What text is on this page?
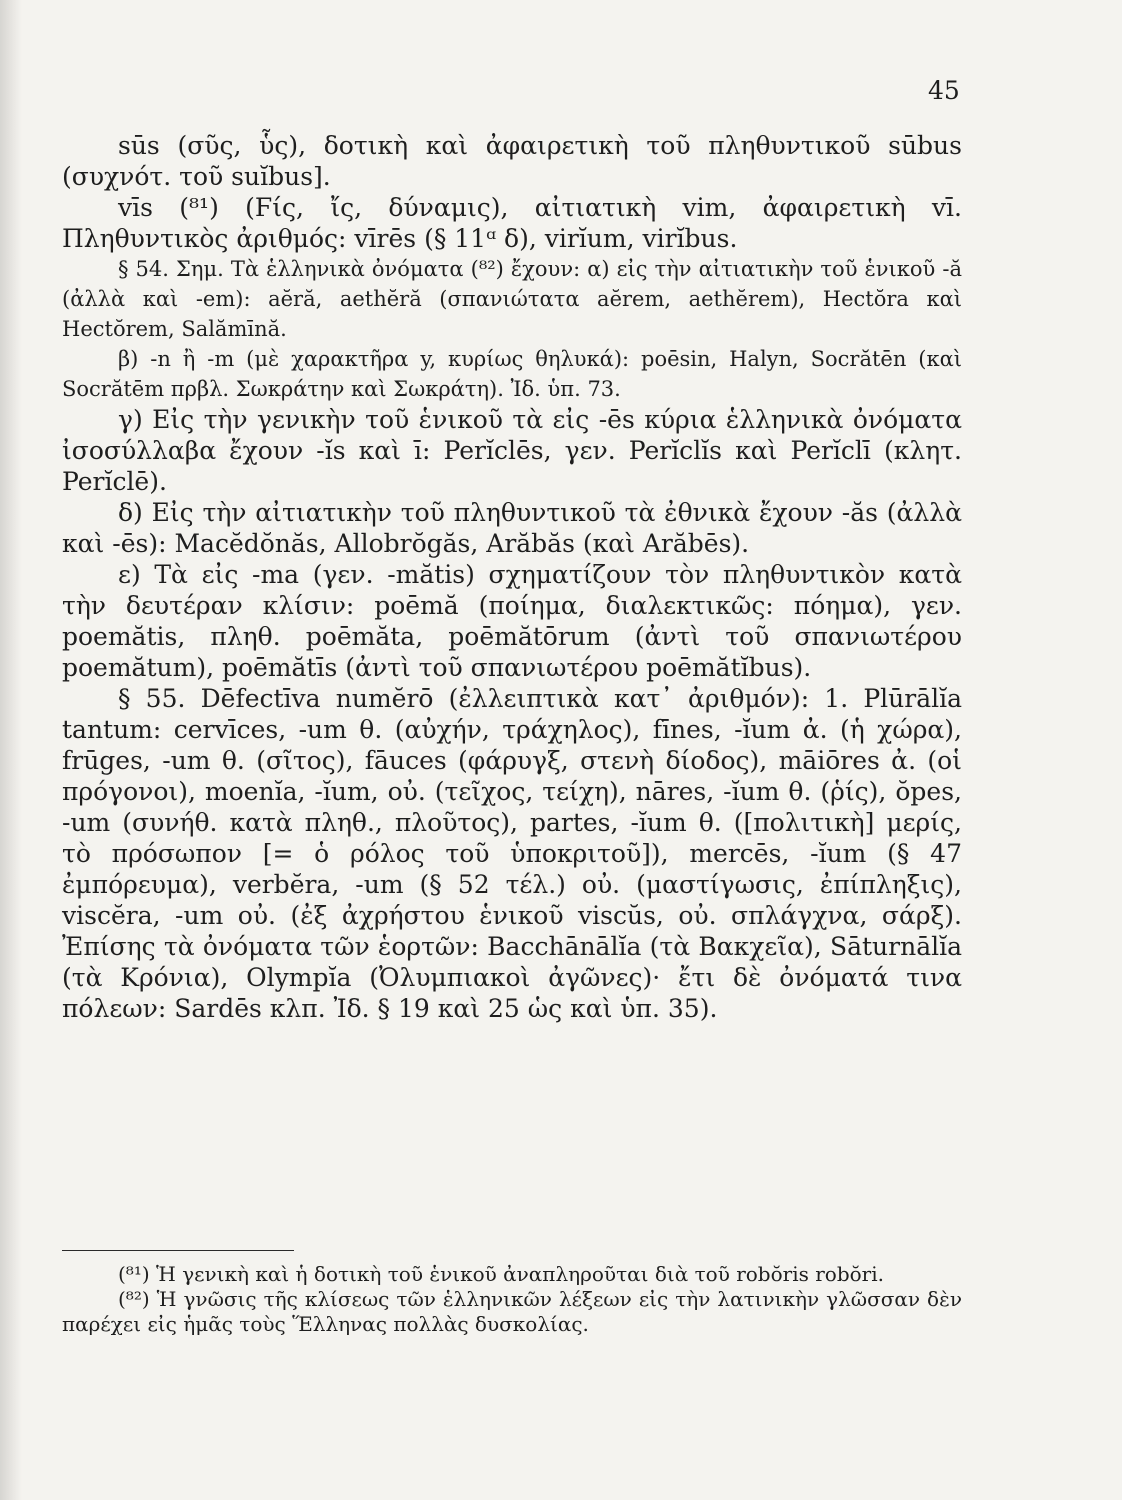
45

sūs (σῦς, ὗς), δοτικὴ καὶ ἀφαιρετικὴ τοῦ πληθυντικοῦ sūbus (συχνότ. τοῦ suĭbus].

vīs (⁸¹) (Ϝίς, ἴς, δύναμις), αἰτιατικὴ vim, ἀφαιρετικὴ vī. Πληθυντικὸς ἀριθμός: vīrēs (§ 11ᵅ δ), virĭum, virĭbus.

§ 54. Σημ. Τὰ ἑλληνικὰ ὀνόματα (⁸²) ἔχουν: α) εἰς τὴν αἰτιατικὴν τοῦ ἑνικοῦ -ă (ἀλλὰ καὶ -em): aĕră, aethĕră (σπανιώτατα aĕrem, aethĕrem), Hectŏra καὶ Hectŏrem, Salămīnă.

β) -n ἢ -m (μὲ χαρακτῆρα y, κυρίως θηλυκά): poēsin, Halyn, Socrătēn (καὶ Socrătēm πρβλ. Σωκράτην καὶ Σωκράτη). Ἰδ. ὑπ. 73.

γ) Εἰς τὴν γενικὴν τοῦ ἑνικοῦ τὰ εἰς -ēs κύρια ἑλληνικὰ ὀνόματα ἰσοσύλλαβα ἔχουν -ĭs καὶ ī: Perĭclēs, γεν. Perĭclĭs καὶ Perĭclī (κλητ. Perĭclē).

δ) Εἰς τὴν αἰτιατικὴν τοῦ πληθυντικοῦ τὰ ἐθνικὰ ἔχουν -ăs (ἀλλὰ καὶ -ēs): Macĕdŏnăs, Allobrŏgăs, Arăbăs (καὶ Arăbēs).

ε) Τὰ εἰς -ma (γεν. -mătis) σχηματίζουν τὸν πληθυντικὸν κατὰ τὴν δευτέραν κλίσιν: poēmă (ποίημα, διαλεκτικῶς: πόημα), γεν. poemătis, πληθ. poēmăta, poēmătōrum (ἀντὶ τοῦ σπανιωτέρου poemătum), poēmătīs (ἀντὶ τοῦ σπανιωτέρου poēmătĭbus).

§ 55. Dēfectīva numĕrō (ἐλλειπτικὰ κατ᾽ ἀριθμόν): 1. Plūrālĭa tantum: cervīces, -um θ. (αὐχήν, τράχηλος), fīnes, -ĭum ἀ. (ἡ χώρα), frūges, -um θ. (σῖτος), fāuces (φάρυγξ, στενὴ δίοδος), māiōres ἀ. (οἱ πρόγονοι), moenĭa, -ĭum, οὐ. (τεῖχος, τείχη), nāres, -ĭum θ. (ῥίς), ŏpes, -um (συνήθ. κατὰ πληθ., πλοῦτος), partes, -ĭum θ. ([πολιτικὴ] μερίς, τὸ πρόσωπον [= ὁ ρόλος τοῦ ὑποκριτοῦ]), mercēs, -ĭum (§ 47 ἐμπόρευμα), verbĕra, -um (§ 52 τέλ.) οὐ. (μαστίγωσις, ἐπίπληξις), viscĕra, -um οὐ. (ἐξ ἀχρήστου ἑνικοῦ viscŭs, οὐ. σπλάγχνα, σάρξ). Ἐπίσης τὰ ὀνόματα τῶν ἑορτῶν: Bacchānālĭa (τὰ Βακχεῖα), Sāturnālĭa (τὰ Κρόνια), Olympĭa (Ὀλυμπιακοὶ ἀγῶνες)· ἔτι δὲ ὀνόματά τινα πόλεων: Sardēs κλπ. Ἰδ. § 19 καὶ 25 ὡς καὶ ὑπ. 35).

(⁸¹) Ἡ γενικὴ καὶ ἡ δοτικὴ τοῦ ἑνικοῦ ἀναπληροῦται διὰ τοῦ robŏris robŏri.

(⁸²) Ἡ γνῶσις τῆς κλίσεως τῶν ἑλληνικῶν λέξεων εἰς τὴν λατινικὴν γλῶσσαν δὲν παρέχει εἰς ἡμᾶς τοὺς Ἕλληνας πολλὰς δυσκολίας.
